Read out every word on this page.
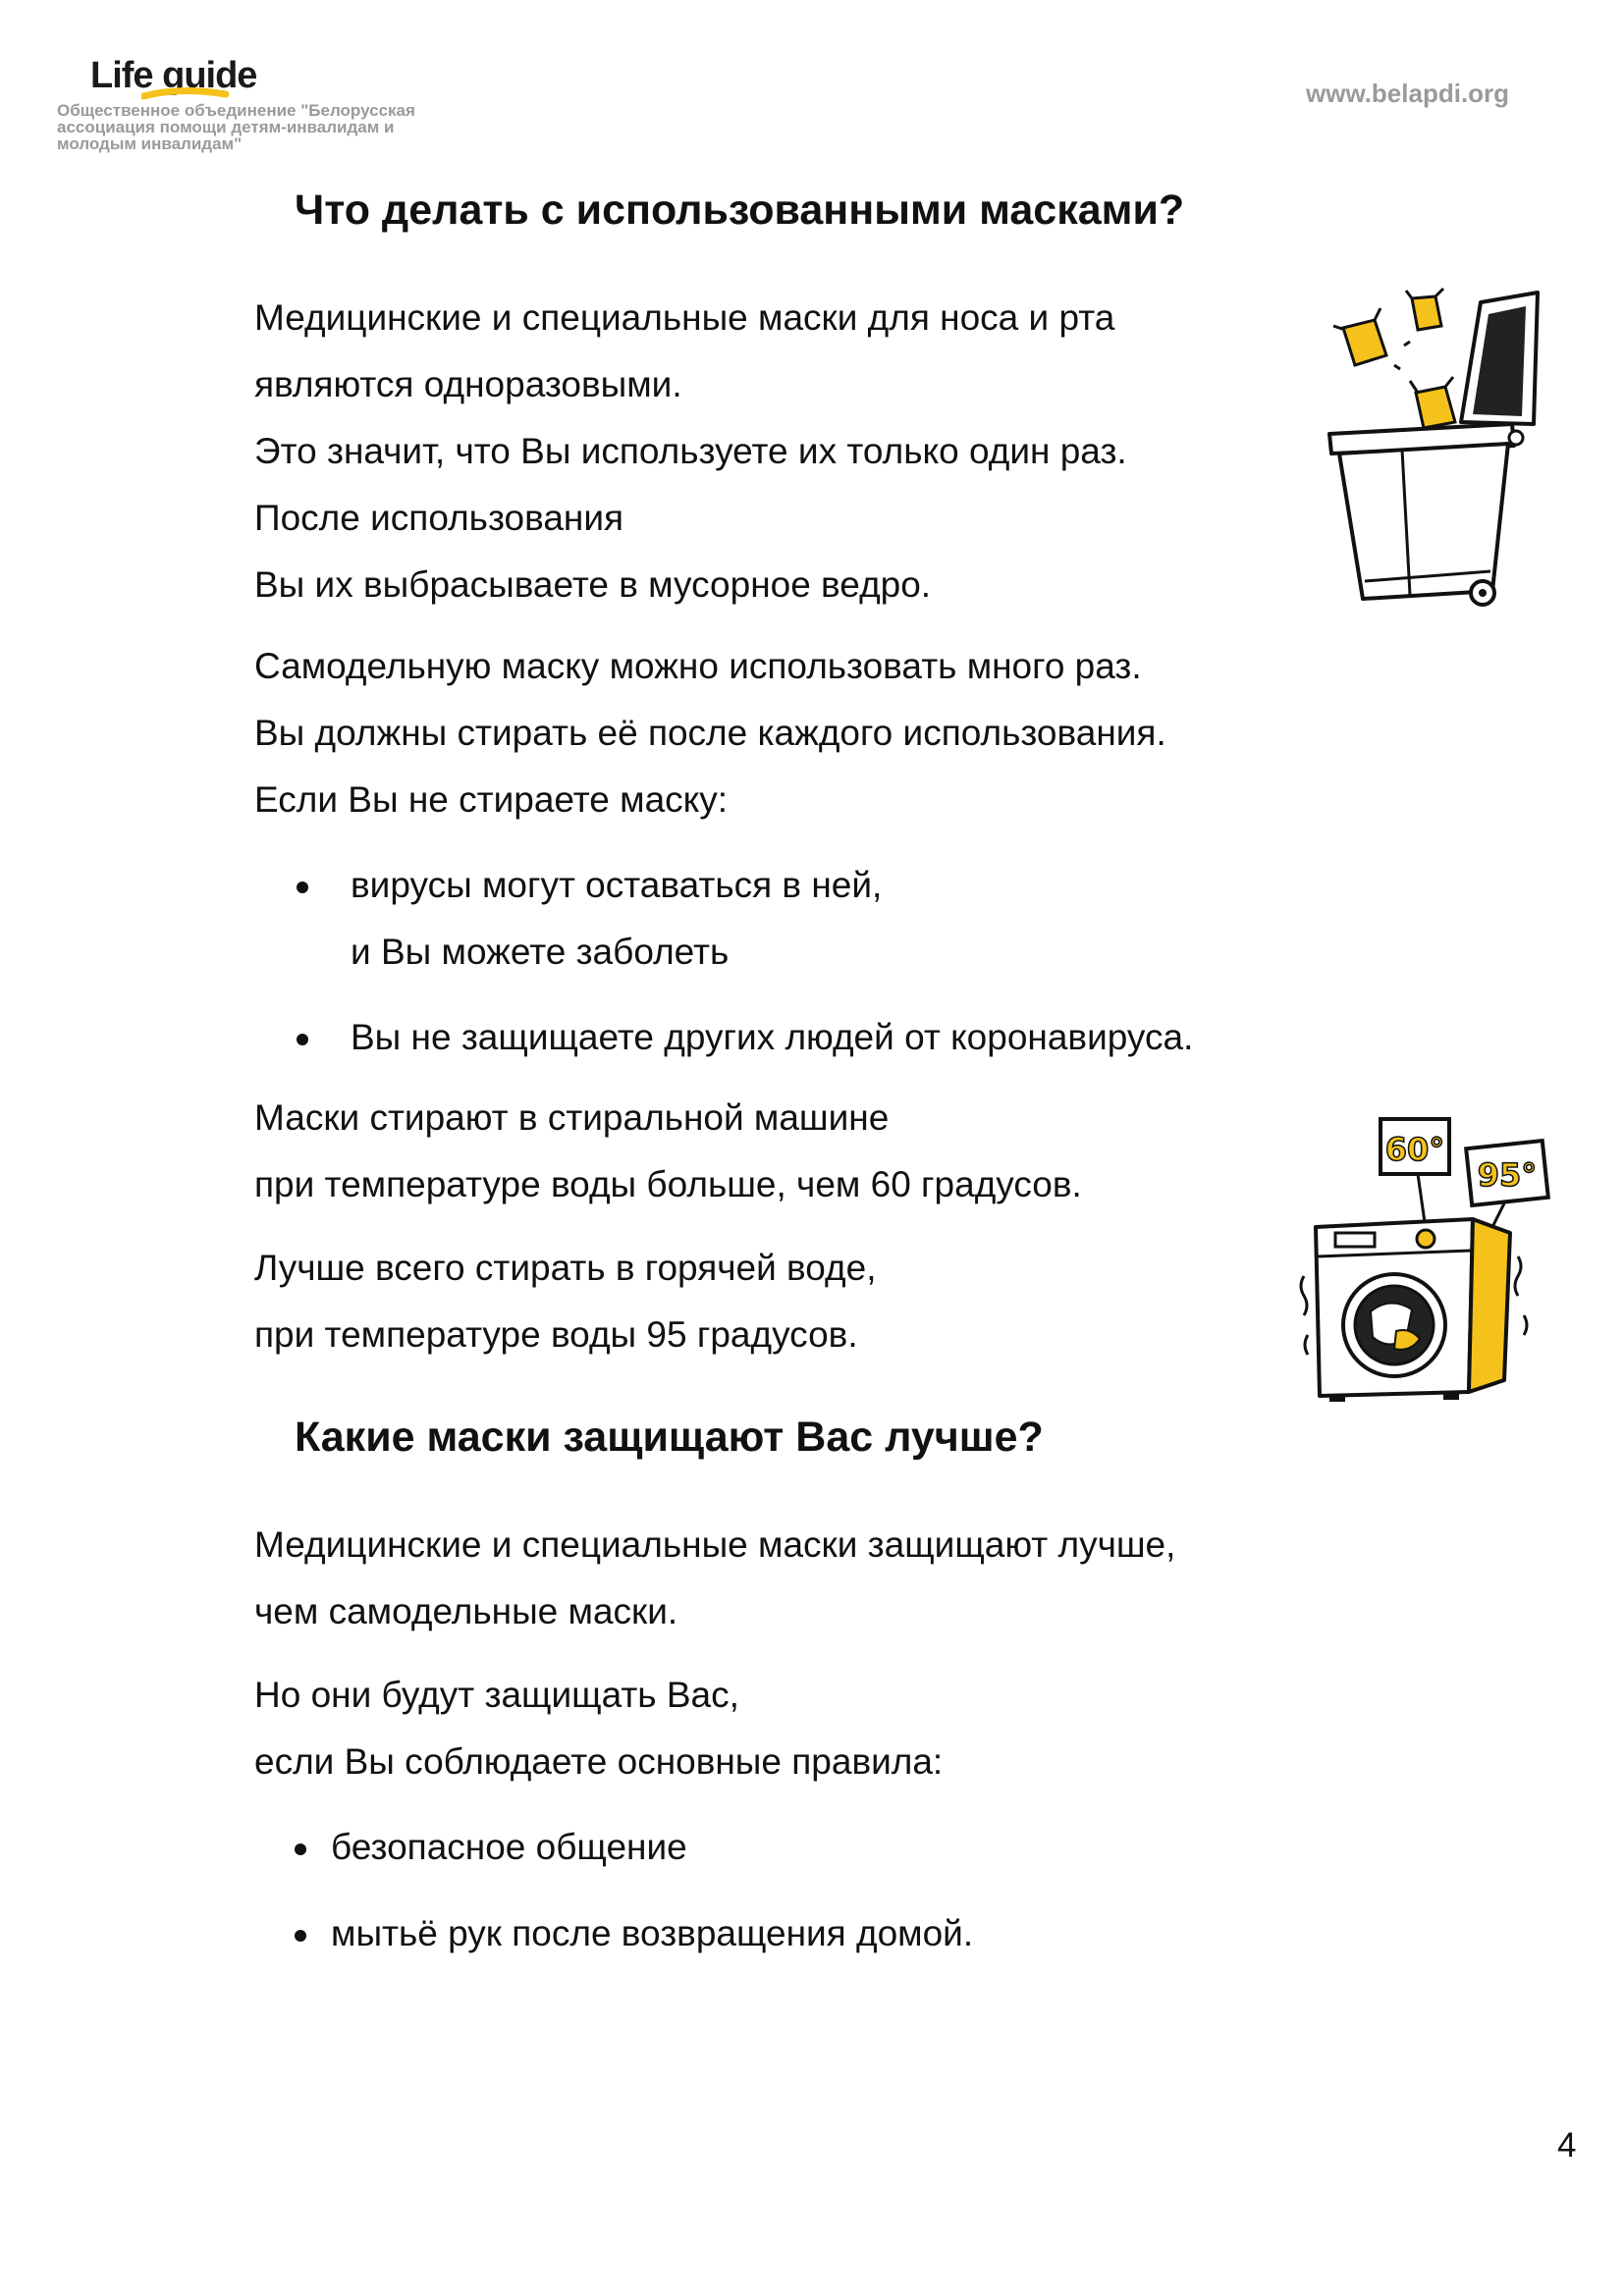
Life guide
Общественное объединение "Белорусская
ассоциация помощи детям-инвалидам и
молодым инвалидам"
www.belapdi.org
Что делать с использованными масками?

Медицинские и специальные маски для носа и рта
являются одноразовыми.
Это значит, что Вы используете их только один раз.
После использования
Вы их выбрасываете в мусорное ведро.

Самодельную маску можно использовать много раз.
Вы должны стирать её после каждого использования.
Если Вы не стираете маску:

вирусы могут оставаться в ней,
и Вы можете заболеть

Вы не защищаете других людей от коронавируса.

Маски стирают в стиральной машине
при температуре воды больше, чем 60 градусов.

Лучше всего стирать в горячей воде,
при температуре воды 95 градусов.

Какие маски защищают Вас лучше?

Медицинские и специальные маски защищают лучше,
чем самодельные маски.

Но они будут защищать Вас,
если Вы соблюдаете основные правила:

безопасное общение

мытьё рук после возвращения домой.

60°
95°
4
